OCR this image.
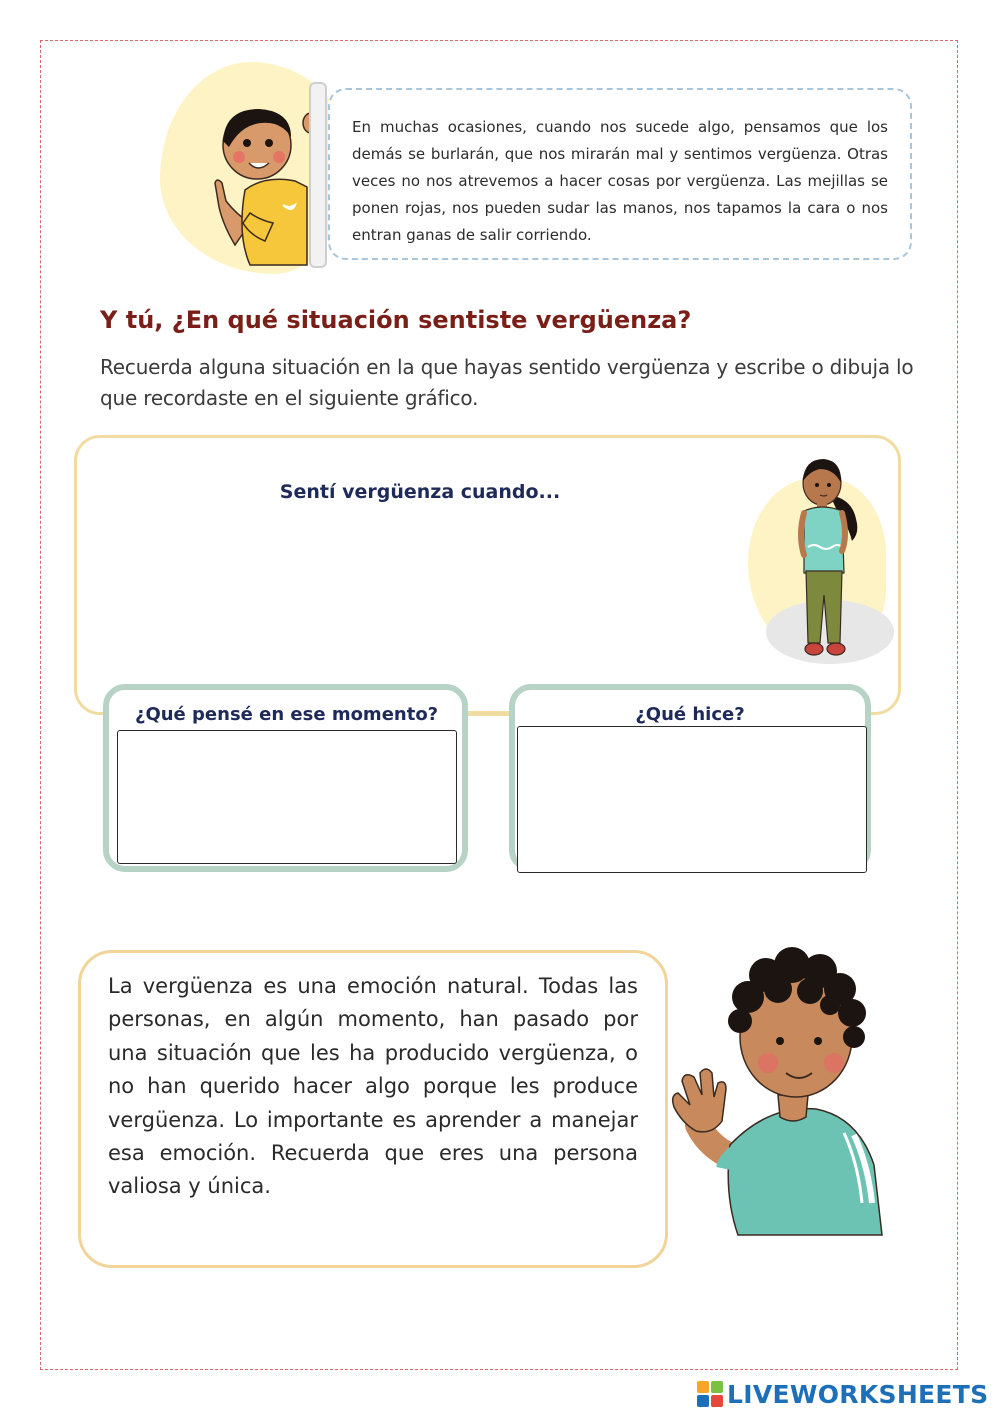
En muchas ocasiones, cuando nos sucede algo, pensamos que los demás se burlarán, que nos mirarán mal y sentimos vergüenza. Otras veces no nos atrevemos a hacer cosas por vergüenza. Las mejillas se ponen rojas, nos pueden sudar las manos, nos tapamos la cara o nos entran ganas de salir corriendo.

Y tú, ¿En qué situación sentiste vergüenza?

Recuerda alguna situación en la que hayas sentido vergüenza y escribe o dibuja lo que recordaste en el siguiente gráfico.

Sentí vergüenza cuando...
¿Qué pensé en ese momento?	¿Qué hice?

La vergüenza es una emoción natural. Todas las personas, en algún momento, han pasado por una situación que les ha producido vergüenza, o no han querido hacer algo porque les produce vergüenza. Lo importante es aprender a manejar esa emoción. Recuerda que eres una persona valiosa y única.

LIVEWORKSHEETS
